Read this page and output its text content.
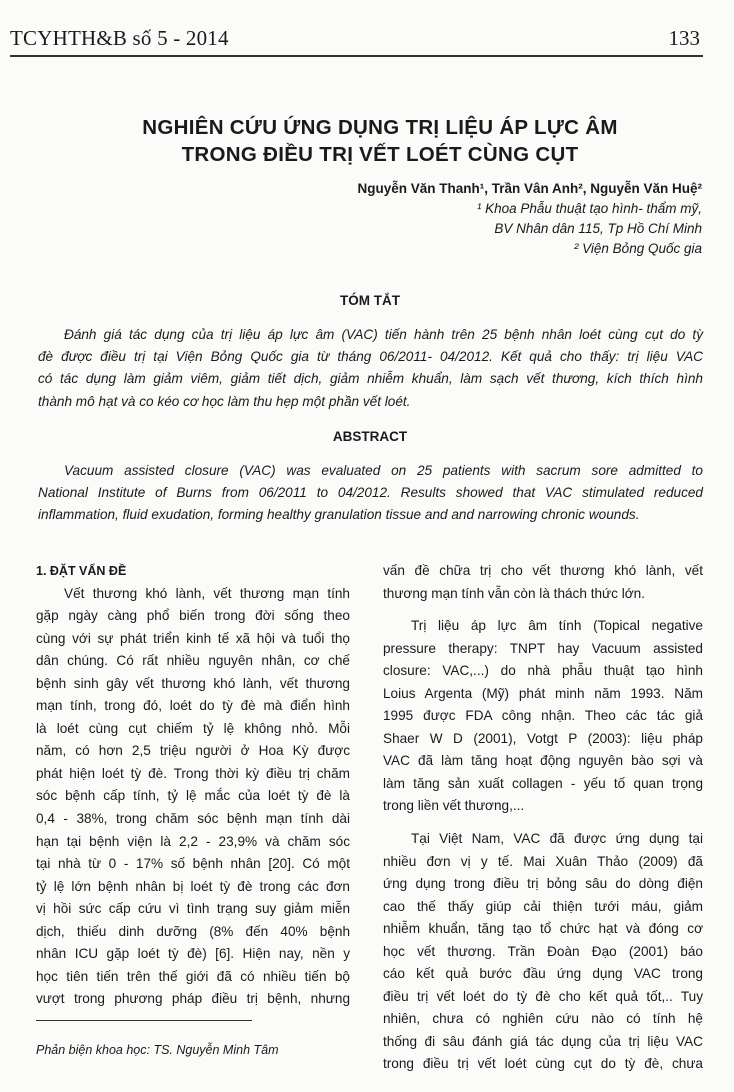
TCYHTH&B số 5 - 2014	133
NGHIÊN CỨU ỨNG DỤNG TRỊ LIỆU ÁP LỰC ÂM
TRONG ĐIỀU TRỊ VẾT LOÉT CÙNG CỤT
Nguyễn Văn Thanh¹, Trần Vân Anh², Nguyễn Văn Huệ²
¹ Khoa Phẫu thuật tạo hình- thẩm mỹ,
BV Nhân dân 115, Tp Hồ Chí Minh
² Viện Bỏng Quốc gia
TÓM TẮT
Đánh giá tác dụng của trị liệu áp lực âm (VAC) tiến hành trên 25 bệnh nhân loét cùng cụt do tỳ
đè được điều trị tại Viện Bỏng Quốc gia từ tháng 06/2011- 04/2012. Kết quả cho thấy: trị liệu VAC
có tác dụng làm giảm viêm, giảm tiết dịch, giảm nhiễm khuẩn, làm sạch vết thương, kích thích hình
thành mô hạt và co kéo cơ học làm thu hẹp một phần vết loét.
ABSTRACT
Vacuum assisted closure (VAC) was evaluated on 25 patients with sacrum sore admitted to
National Institute of Burns from 06/2011 to 04/2012. Results showed that VAC stimulated reduced
inflammation, fluid exudation, forming healthy granulation tissue and and narrowing chronic wounds.
1. ĐẶT VẤN ĐỀ
Vết thương khó lành, vết thương mạn tính
gặp ngày càng phổ biến trong đời sống theo
cùng với sự phát triển kinh tế xã hội và tuổi thọ
dân chúng. Có rất nhiều nguyên nhân, cơ chế
bệnh sinh gây vết thương khó lành, vết thương
mạn tính, trong đó, loét do tỳ đè mà điển hình
là loét cùng cụt chiếm tỷ lệ không nhỏ. Mỗi
năm, có hơn 2,5 triệu người ở Hoa Kỳ được
phát hiện loét tỳ đè. Trong thời kỳ điều trị chăm
sóc bệnh cấp tính, tỷ lệ mắc của loét tỳ đè là
0,4 - 38%, trong chăm sóc bệnh mạn tính dài
hạn tại bệnh viện là 2,2 - 23,9% và chăm sóc
tại nhà từ 0 - 17% số bệnh nhân [20]. Có một
tỷ lệ lớn bệnh nhân bị loét tỳ đè trong các đơn
vị hồi sức cấp cứu vì tình trạng suy giảm miễn
dịch, thiếu dinh dưỡng (8% đến 40% bệnh
nhân ICU gặp loét tỳ đè) [6]. Hiện nay, nền y
học tiên tiến trên thế giới đã có nhiều tiến bộ
vượt trong phương pháp điều trị bệnh, nhưng
vấn đề chữa trị cho vết thương khó lành, vết
thương mạn tính vẫn còn là thách thức lớn.
Trị liệu áp lực âm tính (Topical negative
pressure therapy: TNPT hay Vacuum assisted
closure: VAC,...) do nhà phẫu thuật tạo hình
Loius Argenta (Mỹ) phát minh năm 1993. Năm
1995 được FDA công nhận. Theo các tác giả
Shaer W D (2001), Votgt P (2003): liệu pháp
VAC đã làm tăng hoạt động nguyên bào sợi và
làm tăng sản xuất collagen - yếu tố quan trọng
trong liền vết thương,...
Tại Việt Nam, VAC đã được ứng dụng tại
nhiều đơn vị y tế. Mai Xuân Thảo (2009) đã
ứng dụng trong điều trị bỏng sâu do dòng điện
cao thế thấy giúp cải thiện tưới máu, giảm
nhiễm khuẩn, tăng tạo tổ chức hạt và đóng cơ
học vết thương. Trần Đoàn Đạo (2001) báo
cáo kết quả bước đầu ứng dụng VAC trong
điều trị vết loét do tỳ đè cho kết quả tốt,.. Tuy
nhiên, chưa có nghiên cứu nào có tính hệ
thống đi sâu đánh giá tác dụng của trị liệu VAC
trong điều trị vết loét cùng cụt do tỳ đè, chưa
Phản biện khoa học: TS. Nguyễn Minh Tâm
